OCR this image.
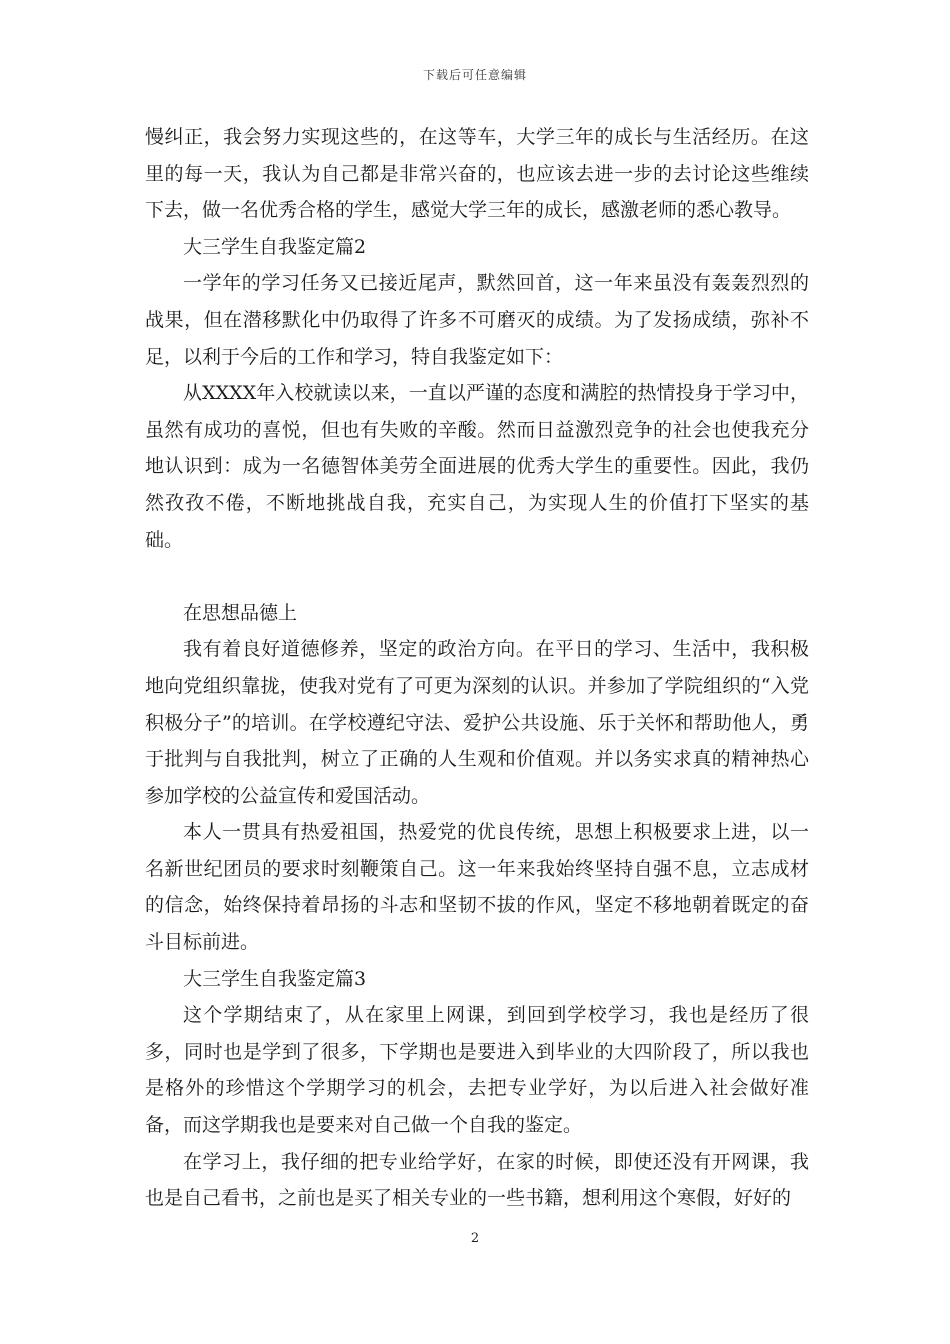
下载后可任意编辑

慢纠正，我会努力实现这些的，在这等车，大学三年的成长与生活经历。在这里的每一天，我认为自己都是非常兴奋的，也应该去进一步的去讨论这些维续下去，做一名优秀合格的学生，感觉大学三年的成长，感激老师的悉心教导。

大三学生自我鉴定篇2

一学年的学习任务又已接近尾声，默然回首，这一年来虽没有轰轰烈烈的战果，但在潜移默化中仍取得了许多不可磨灭的成绩。为了发扬成绩，弥补不足，以利于今后的工作和学习，特自我鉴定如下：

从XXXX年入校就读以来，一直以严谨的态度和满腔的热情投身于学习中，虽然有成功的喜悦，但也有失败的辛酸。然而日益激烈竞争的社会也使我充分地认识到：成为一名德智体美劳全面进展的优秀大学生的重要性。因此，我仍然孜孜不倦，不断地挑战自我，充实自己，为实现人生的价值打下坚实的基础。

在思想品德上

我有着良好道德修养，坚定的政治方向。在平日的学习、生活中，我积极地向党组织靠拢，使我对党有了可更为深刻的认识。并参加了学院组织的“入党积极分子”的培训。在学校遵纪守法、爱护公共设施、乐于关怀和帮助他人，勇于批判与自我批判，树立了正确的人生观和价值观。并以务实求真的精神热心参加学校的公益宣传和爱国活动。

本人一贯具有热爱祖国，热爱党的优良传统，思想上积极要求上进，以一名新世纪团员的要求时刻鞭策自己。这一年来我始终坚持自强不息，立志成材的信念，始终保持着昂扬的斗志和坚韧不拔的作风，坚定不移地朝着既定的奋斗目标前进。

大三学生自我鉴定篇3

这个学期结束了，从在家里上网课，到回到学校学习，我也是经历了很多，同时也是学到了很多，下学期也是要进入到毕业的大四阶段了，所以我也是格外的珍惜这个学期学习的机会，去把专业学好，为以后进入社会做好准备，而这学期我也是要来对自己做一个自我的鉴定。

在学习上，我仔细的把专业给学好，在家的时候，即使还没有开网课，我也是自己看书，之前也是买了相关专业的一些书籍，想利用这个寒假，好好的

2
